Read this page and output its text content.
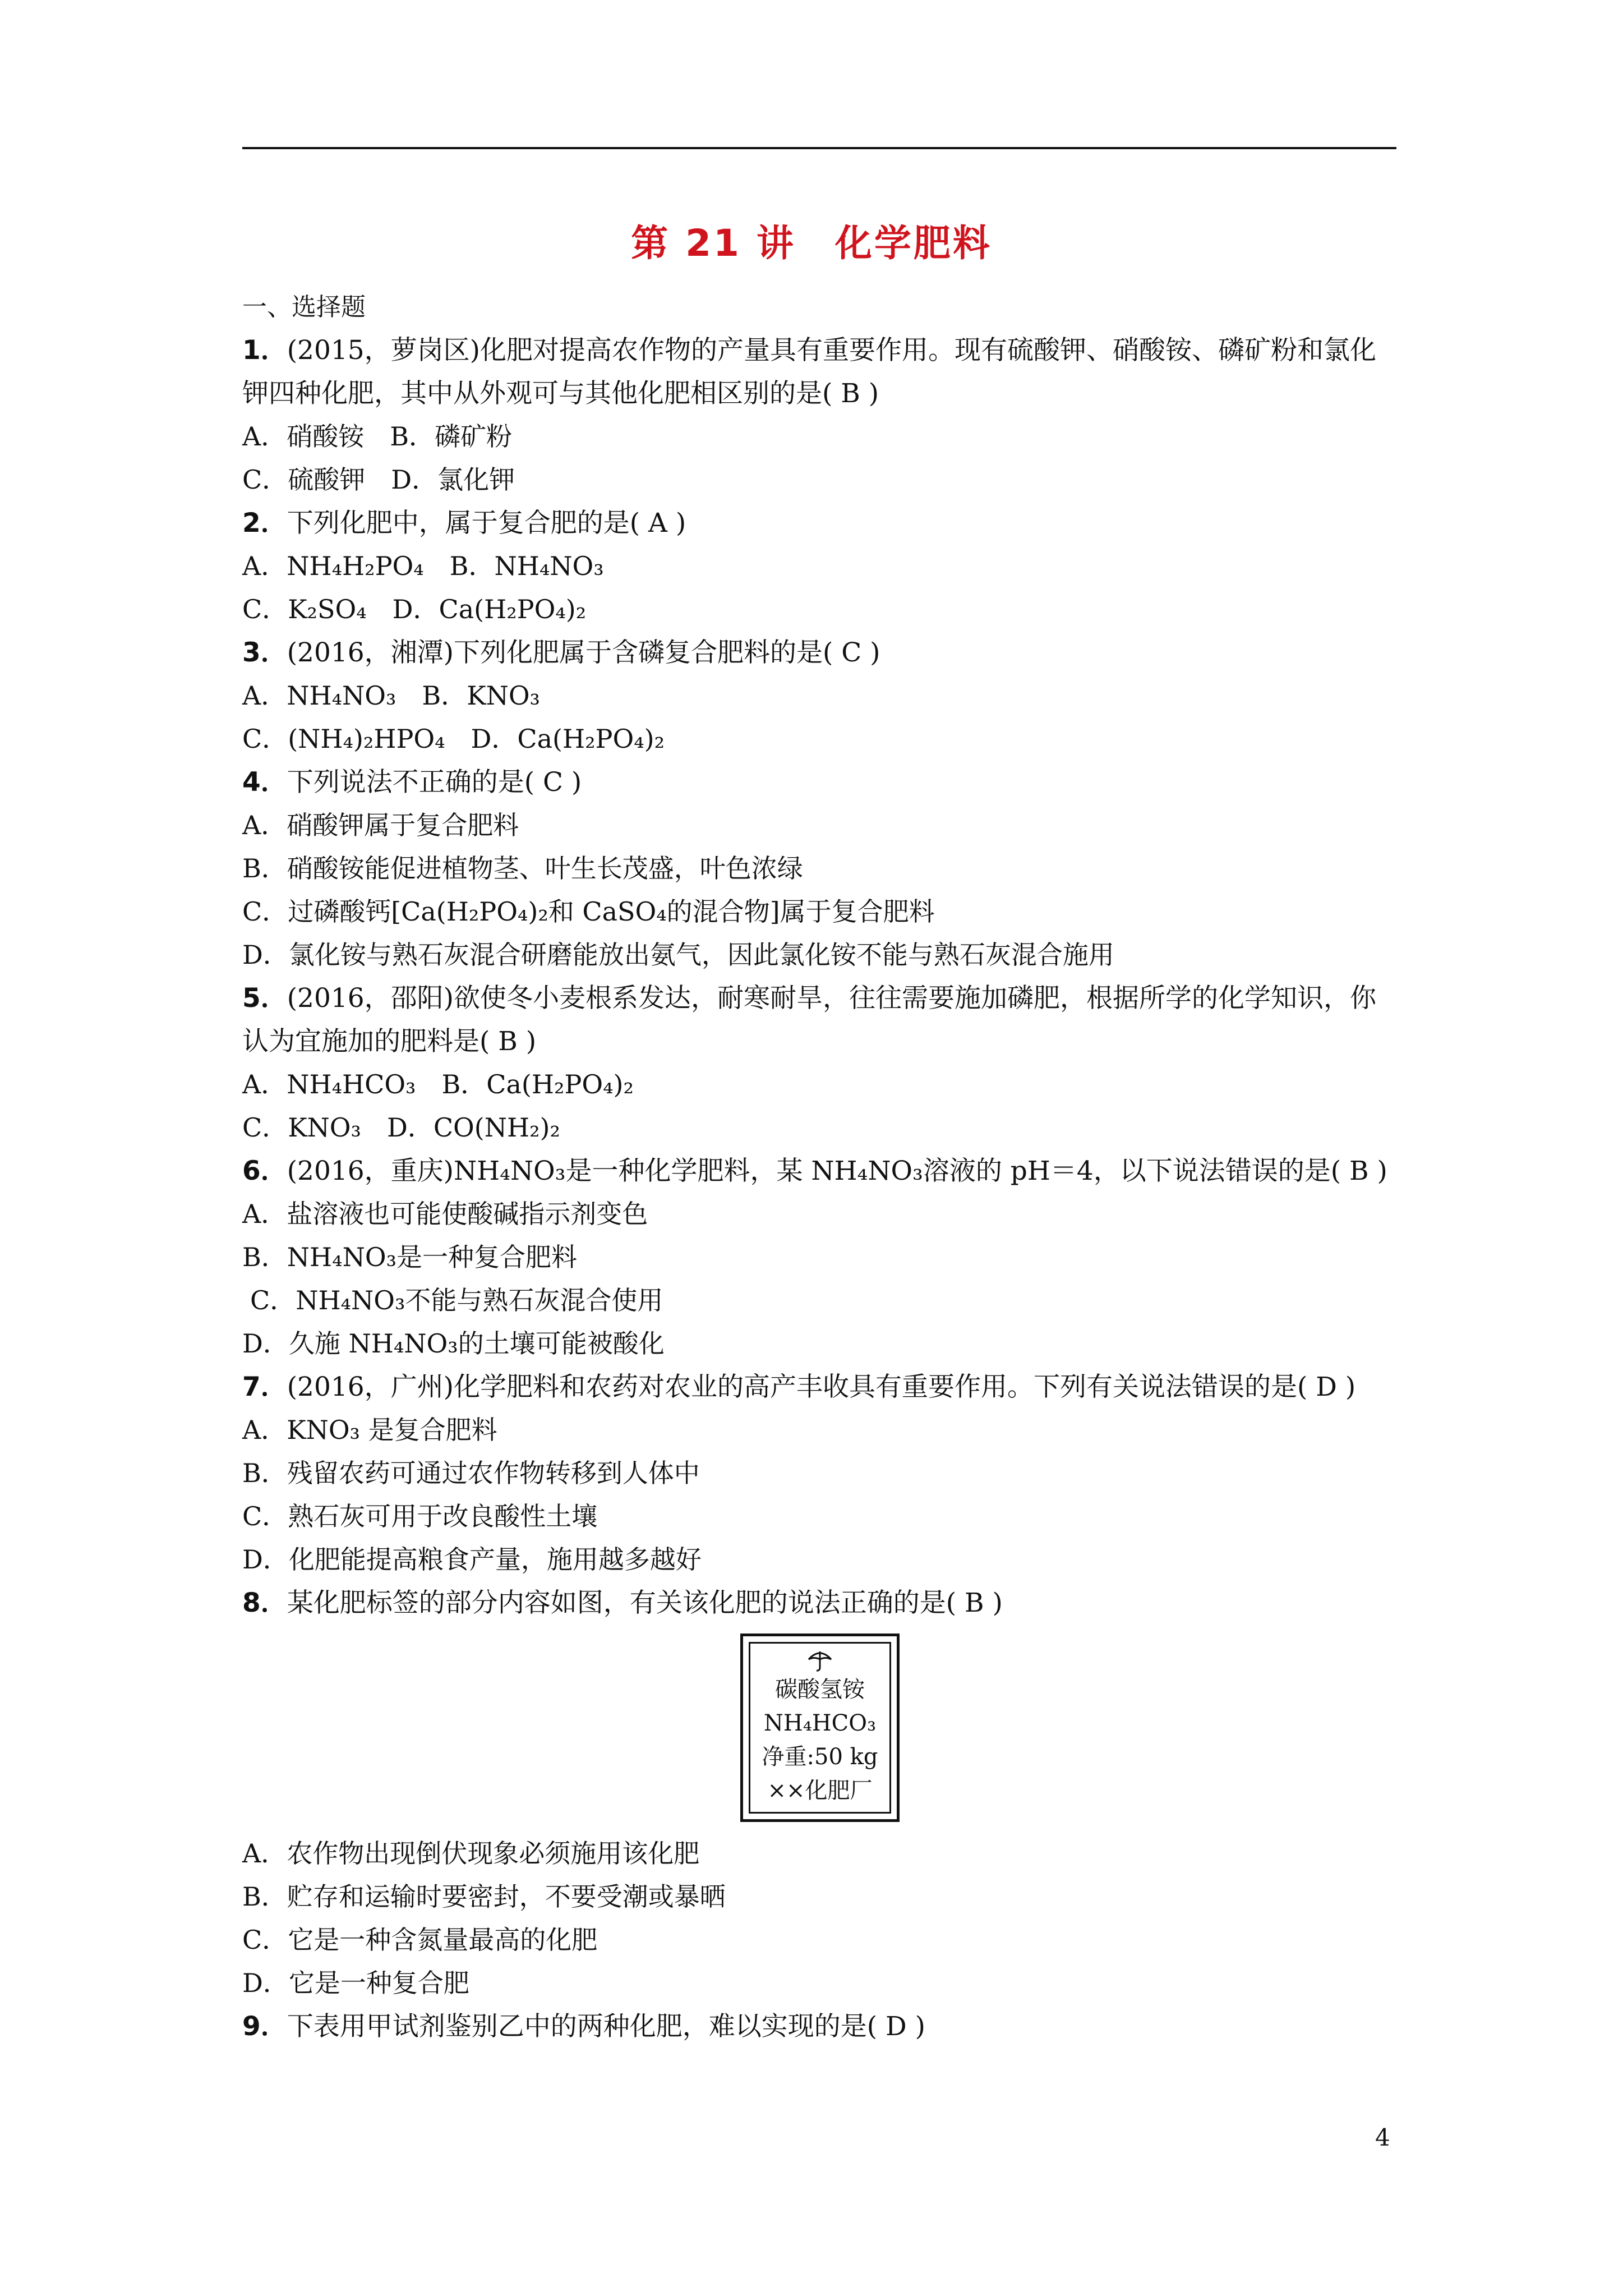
第 21 讲　化学肥料
一、选择题
1．(2015，萝岗区)化肥对提高农作物的产量具有重要作用。现有硫酸钾、硝酸铵、磷矿粉和氯化钾四种化肥，其中从外观可与其他化肥相区别的是( B )
A．硝酸铵　B．磷矿粉
C．硫酸钾　D．氯化钾
2．下列化肥中，属于复合肥的是( A )
A．NH₄H₂PO₄　B．NH₄NO₃
C．K₂SO₄　D．Ca(H₂PO₄)₂
3．(2016，湘潭)下列化肥属于含磷复合肥料的是( C )
A．NH₄NO₃　B．KNO₃
C．(NH₄)₂HPO₄　D．Ca(H₂PO₄)₂
4．下列说法不正确的是( C )
A．硝酸钾属于复合肥料
B．硝酸铵能促进植物茎、叶生长茂盛，叶色浓绿
C．过磷酸钙[Ca(H₂PO₄)₂和 CaSO₄的混合物]属于复合肥料
D．氯化铵与熟石灰混合研磨能放出氨气，因此氯化铵不能与熟石灰混合施用
5．(2016，邵阳)欲使冬小麦根系发达，耐寒耐旱，往往需要施加磷肥，根据所学的化学知识，你认为宜施加的肥料是( B )
A．NH₄HCO₃　B．Ca(H₂PO₄)₂
C．KNO₃　D．CO(NH₂)₂
6．(2016，重庆)NH₄NO₃是一种化学肥料，某 NH₄NO₃溶液的 pH＝4，以下说法错误的是( B )
A．盐溶液也可能使酸碱指示剂变色
B．NH₄NO₃是一种复合肥料
C．NH₄NO₃不能与熟石灰混合使用
D．久施 NH₄NO₃的土壤可能被酸化
7．(2016，广州)化学肥料和农药对农业的高产丰收具有重要作用。下列有关说法错误的是( D )
A．KNO₃ 是复合肥料
B．残留农药可通过农作物转移到人体中
C．熟石灰可用于改良酸性土壤
D．化肥能提高粮食产量，施用越多越好
8．某化肥标签的部分内容如图，有关该化肥的说法正确的是( B )
碳酸氢铵
NH₄HCO₃
净重:50 kg
××化肥厂
A．农作物出现倒伏现象必须施用该化肥
B．贮存和运输时要密封，不要受潮或暴晒
C．它是一种含氮量最高的化肥
D．它是一种复合肥
9．下表用甲试剂鉴别乙中的两种化肥，难以实现的是( D )
4
